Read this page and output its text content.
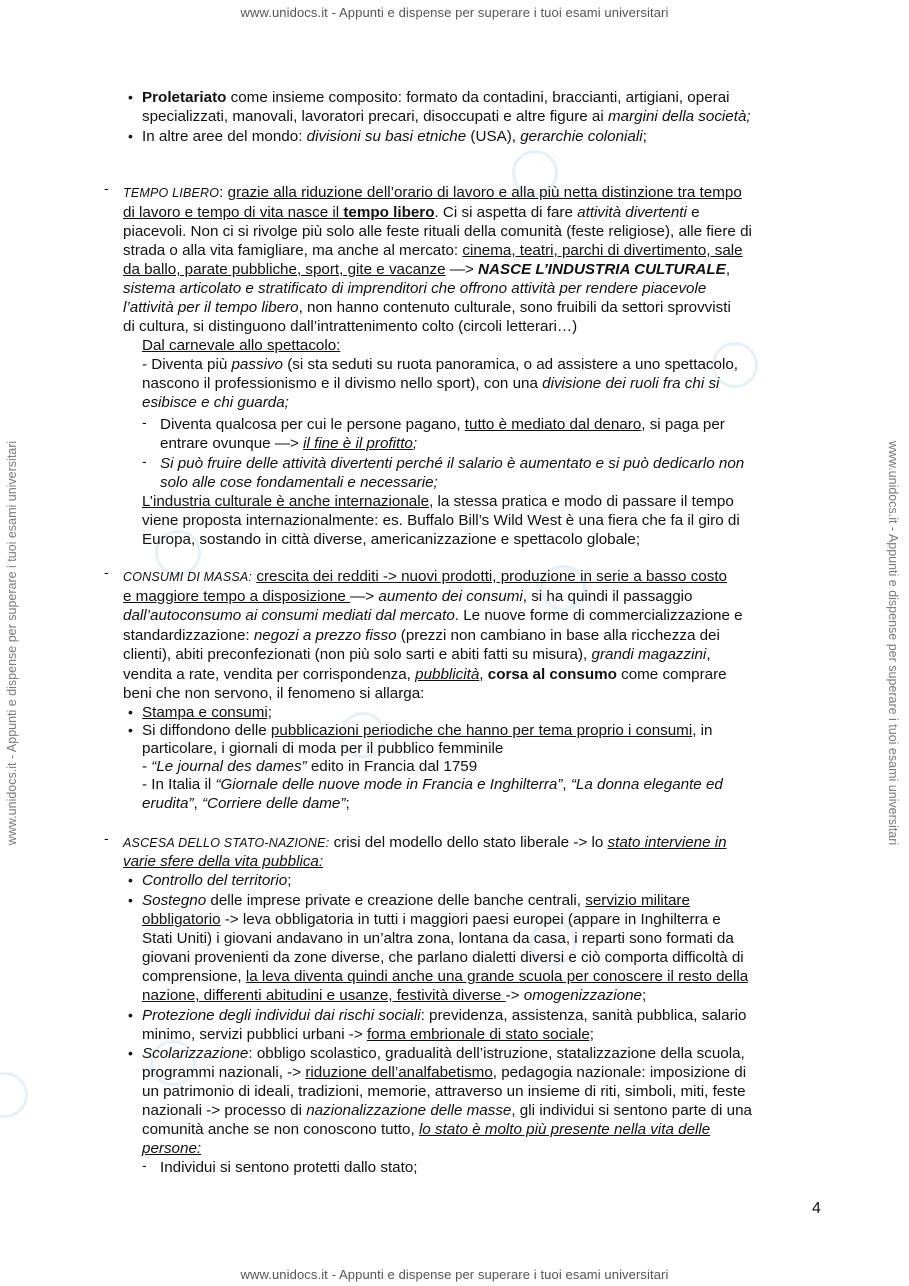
www.unidocs.it - Appunti e dispense per superare i tuoi esami universitari
www.unidocs.it - Appunti e dispense per superare i tuoi esami universitari
www.unidocs.it - Appunti e dispense per superare i tuoi esami universitari	www.unidocs.it - Appunti e dispense per superare i tuoi esami universitari
• Proletariato come insieme composito: formato da contadini, braccianti, artigiani, operai
specializzati, manovali, lavoratori precari, disoccupati e altre figure ai margini della società;
• In altre aree del mondo: divisioni su basi etniche (USA), gerarchie coloniali;
- TEMPO LIBERO: grazie alla riduzione dell’orario di lavoro e alla più netta distinzione tra tempo
di lavoro e tempo di vita nasce il tempo libero. Ci si aspetta di fare attività divertenti e
piacevoli. Non ci si rivolge più solo alle feste rituali della comunità (feste religiose), alle fiere di
strada o alla vita famigliare, ma anche al mercato: cinema, teatri, parchi di divertimento, sale
da ballo, parate pubbliche, sport, gite e vacanze —> NASCE L’INDUSTRIA CULTURALE,
sistema articolato e stratificato di imprenditori che offrono attività per rendere piacevole
l’attività per il tempo libero, non hanno contenuto culturale, sono fruibili da settori sprovvisti
di cultura, si distinguono dall’intrattenimento colto (circoli letterari…)
Dal carnevale allo spettacolo:
- Diventa più passivo (si sta seduti su ruota panoramica, o ad assistere a uno spettacolo,
nascono il professionismo e il divismo nello sport), con una divisione dei ruoli fra chi si
esibisce e chi guarda;
- Diventa qualcosa per cui le persone pagano, tutto è mediato dal denaro, si paga per
entrare ovunque —> il fine è il profitto;
- Si può fruire delle attività divertenti perché il salario è aumentato e si può dedicarlo non
solo alle cose fondamentali e necessarie;
L’industria culturale è anche internazionale, la stessa pratica e modo di passare il tempo
viene proposta internazionalmente: es. Buffalo Bill’s Wild West è una fiera che fa il giro di
Europa, sostando in città diverse, americanizzazione e spettacolo globale;
- CONSUMI DI MASSA: crescita dei redditi -> nuovi prodotti, produzione in serie a basso costo
e maggiore tempo a disposizione —> aumento dei consumi, si ha quindi il passaggio
dall’autoconsumo ai consumi mediati dal mercato. Le nuove forme di commercializzazione e
standardizzazione: negozi a prezzo fisso (prezzi non cambiano in base alla ricchezza dei
clienti), abiti preconfezionati (non più solo sarti e abiti fatti su misura), grandi magazzini,
vendita a rate, vendita per corrispondenza, pubblicità, corsa al consumo come comprare
beni che non servono, il fenomeno si allarga:
• Stampa e consumi;
• Si diffondono delle pubblicazioni periodiche che hanno per tema proprio i consumi, in
particolare, i giornali di moda per il pubblico femminile
- “Le journal des dames” edito in Francia dal 1759
- In Italia il “Giornale delle nuove mode in Francia e Inghilterra”, “La donna elegante ed
erudita”, “Corriere delle dame”;
- ASCESA DELLO STATO-NAZIONE: crisi del modello dello stato liberale -> lo stato interviene in
varie sfere della vita pubblica:
• Controllo del territorio;
• Sostegno delle imprese private e creazione delle banche centrali, servizio militare
obbligatorio -> leva obbligatoria in tutti i maggiori paesi europei (appare in Inghilterra e
Stati Uniti) i giovani andavano in un’altra zona, lontana da casa, i reparti sono formati da
giovani provenienti da zone diverse, che parlano dialetti diversi e ciò comporta difficoltà di
comprensione, la leva diventa quindi anche una grande scuola per conoscere il resto della
nazione, differenti abitudini e usanze, festività diverse -> omogenizzazione;
• Protezione degli individui dai rischi sociali: previdenza, assistenza, sanità pubblica, salario
minimo, servizi pubblici urbani -> forma embrionale di stato sociale;
• Scolarizzazione: obbligo scolastico, gradualità dell’istruzione, statalizzazione della scuola,
programmi nazionali, -> riduzione dell’analfabetismo, pedagogia nazionale: imposizione di
un patrimonio di ideali, tradizioni, memorie, attraverso un insieme di riti, simboli, miti, feste
nazionali -> processo di nazionalizzazione delle masse, gli individui si sentono parte di una
comunità anche se non conoscono tutto, lo stato è molto più presente nella vita delle
persone:
- Individui si sentono protetti dallo stato;
4
